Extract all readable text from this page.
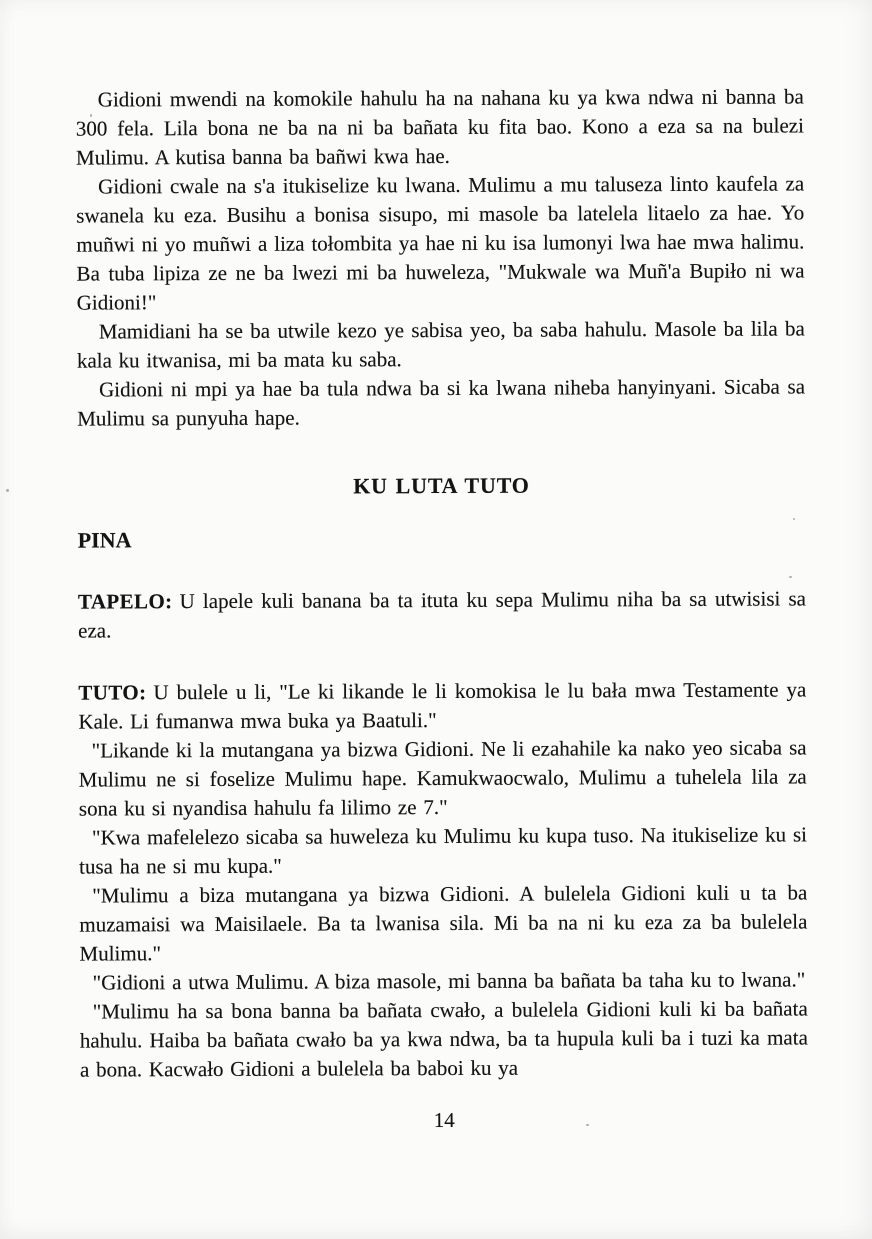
Gidioni mwendi na komokile hahulu ha na nahana ku ya kwa ndwa ni banna ba 300 fela. Lila bona ne ba na ni ba bañata ku fita bao. Kono a eza sa na bulezi Mulimu. A kutisa banna ba bañwi kwa hae.

Gidioni cwale na s'a itukiselize ku lwana. Mulimu a mu taluseza linto kaufela za swanela ku eza. Busihu a bonisa sisupo, mi masole ba latelela litaelo za hae. Yo muñwi ni yo muñwi a liza tołombita ya hae ni ku isa lumonyi lwa hae mwa halimu. Ba tuba lipiza ze ne ba lwezi mi ba huweleza, "Mukwale wa Muñ'a Bupiło ni wa Gidioni!"

Mamidiani ha se ba utwile kezo ye sabisa yeo, ba saba hahulu. Masole ba lila ba kala ku itwanisa, mi ba mata ku saba.

Gidioni ni mpi ya hae ba tula ndwa ba si ka lwana niheba hanyinyani. Sicaba sa Mulimu sa punyuha hape.

KU LUTA TUTO

PINA

TAPELO: U lapele kuli banana ba ta ituta ku sepa Mulimu niha ba sa utwisisi sa eza.

TUTO: U bulele u li, "Le ki likande le li komokisa le lu bała mwa Testamente ya Kale. Li fumanwa mwa buka ya Baatuli."

"Likande ki la mutangana ya bizwa Gidioni. Ne li ezahahile ka nako yeo sicaba sa Mulimu ne si foselize Mulimu hape. Kamukwaocwalo, Mulimu a tuhelela lila za sona ku si nyandisa hahulu fa lilimo ze 7."

"Kwa mafelelezo sicaba sa huweleza ku Mulimu ku kupa tuso. Na itukiselize ku si tusa ha ne si mu kupa."

"Mulimu a biza mutangana ya bizwa Gidioni. A bulelela Gidioni kuli u ta ba muzamaisi wa Maisilaele. Ba ta lwanisa sila. Mi ba na ni ku eza za ba bulelela Mulimu."

"Gidioni a utwa Mulimu. A biza masole, mi banna ba bañata ba taha ku to lwana."

"Mulimu ha sa bona banna ba bañata cwało, a bulelela Gidioni kuli ki ba bañata hahulu. Haiba ba bañata cwało ba ya kwa ndwa, ba ta hupula kuli ba i tuzi ka mata a bona. Kacwało Gidioni a bulelela ba baboi ku ya

14
